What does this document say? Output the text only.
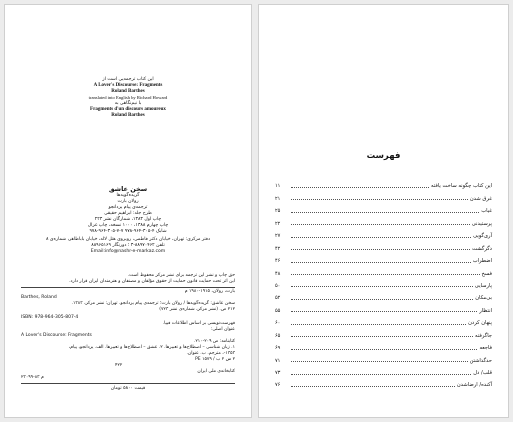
این کتاب ترجمه‌یی است از
A Lover's Discourse: Fragments
Roland Barthes
translated into English by Richard Howard
با نیم‌نگاهی به
Fragments d'un discours amoureux
Roland Barthes
سخن عاشق
گزیده‌گویه‌ها
رولان بارت
ترجمه‌ی پیام یزدانجو
طرح جلد: ابراهیم حقیقی
چاپ اول ۱۳۸۳، شمارگان نشر ۲۲۳
چاپ چهارم ۱۳۸۸، ۱۰۰۰ نسخه، چاپ غزال
شابک ۴-۳۰۵-۹۶۴-۹۷۸ ۷-۷-۳۰۵-۹۶۴-۹۷۸
دفتر مرکزی: تهران، خیابان دکتر فاطمی، روبروی هتل لاله، خیابان باباطاهر، شماره‌ی ۸
تلفن ۸۸۹۷۰۴۶۲-۳ ؛ دورنگار ۸۸۹۶۵۱۶۹
Email:info@nashr-e-markaz.com
حق چاپ و نشر این ترجمه برای نشر مرکز محفوظ است.
این اثر تحت حمایت قانون حمایت از حقوق مؤلفان و مصنفان و هنرمندان ایران قرار دارد.
بارت، رولان، ۱۹۱۵-۱۹۸۰ م
Barthes, Roland
سخن عاشق: گزیده‌گویه‌ها / رولان بارت؛ ترجمه‌ی پیام یزدانجو. تهران: نشر مرکز، ۱۳۸۳.
۲۱۲ ص. (نشر مرکز، شماره‌ی نشر ۷۲۳)
ISBN: 978-964-305-807-4
فهرست‌نویسی بر اساس اطلاعات فیپا.
عنوان اصلی:
A Lover's Discourse: Fragments
کتابنامه: ص ۲۰۹-۲۱۰.
۱. زبان شناسی – اصطلاح‌ها و تعبیرها. ۲. عشق – اصطلاح‌ها و تعبیرها. الف. یزدانجو، پیام،
۱۳۵۳-، مترجم. ب. عنوان.
۲ س ۲ ب / PE ۱۵۷۹
۴۲۲
کتابخانه‌ی ملی ایران
م ۸۳-۲۳۰۹۹
قیمت ۵۸۰۰ تومان
فهرست
۱۱	این کتاب چگونه ساخت یافته
۲۱	غرق شدن
۲۵	غیاب
۲۲	پرستیدنی
۲۷	آری‌گویی
۴۲	دگرگشت
۴۶	اضطراب
۴۸	فسخ
۵۰	پارسایی
۵۲	بی‌مکان
۵۵	انتظار
۶۰	پنهان کردن
۶۵	جاگرفته
۶۹	فاجعه
۷۱	حدگذاشتن
۷۳	قلب/ دل
۷۶	آکنده/ ارضاشدن
